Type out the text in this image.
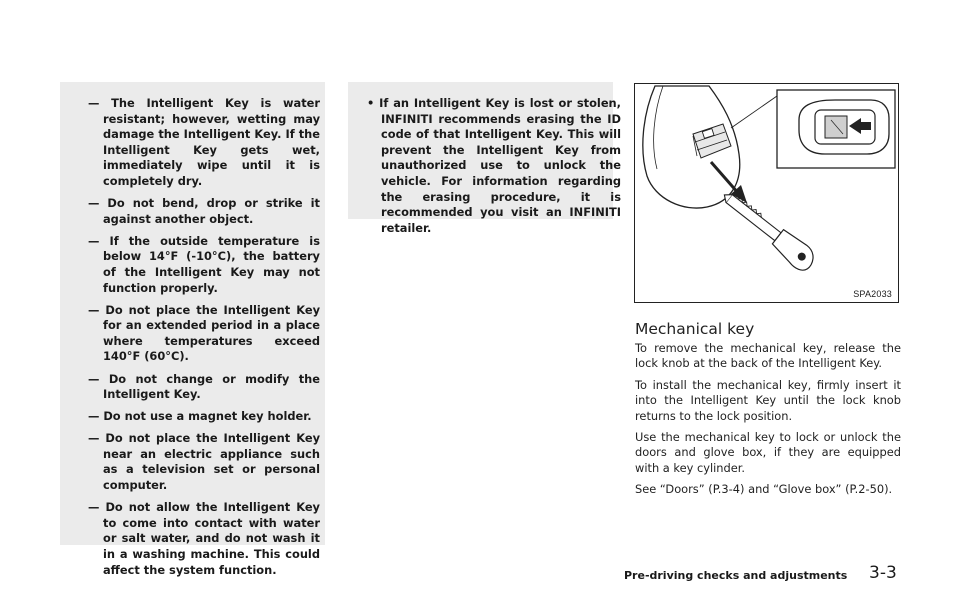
— The Intelligent Key is water resistant; however, wetting may damage the Intelligent Key. If the Intelligent Key gets wet, immediately wipe until it is completely dry.
— Do not bend, drop or strike it against another object.
— If the outside temperature is below 14°F (-10°C), the battery of the Intelligent Key may not function properly.
— Do not place the Intelligent Key for an extended period in a place where temperatures exceed 140°F (60°C).
— Do not change or modify the Intelligent Key.
— Do not use a magnet key holder.
— Do not place the Intelligent Key near an electric appliance such as a television set or personal computer.
— Do not allow the Intelligent Key to come into contact with water or salt water, and do not wash it in a washing machine. This could affect the system function.

• If an Intelligent Key is lost or stolen, INFINITI recommends erasing the ID code of that Intelligent Key. This will prevent the Intelligent Key from unauthorized use to unlock the vehicle. For information regarding the erasing procedure, it is recommended you visit an INFINITI retailer.

SPA2033
Mechanical key

To remove the mechanical key, release the lock knob at the back of the Intelligent Key.

To install the mechanical key, firmly insert it into the Intelligent Key until the lock knob returns to the lock position.

Use the mechanical key to lock or unlock the doors and glove box, if they are equipped with a key cylinder.

See “Doors” (P.3-4) and “Glove box” (P.2-50).

Pre-driving checks and adjustments 3-3
